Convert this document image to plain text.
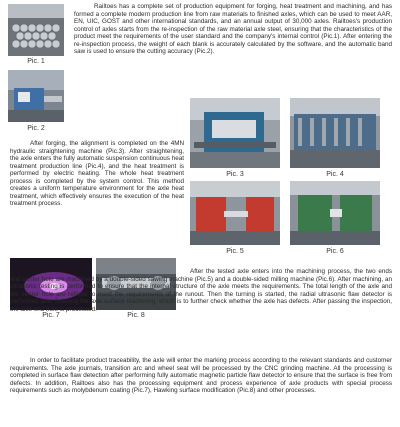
Pic. 1
Pic. 2
Pic. 3	Pic. 4
Pic. 5	Pic. 6
Pic. 7	Pic. 8

Railtoes has a complete set of production equipment for forging, heat treatment and machining, and has formed a complete modern production line from raw materials to finished axles, which can be used to meet AAR, EN, UIC, GOST and other international standards, and an annual output of 30,000 axles. Railtoes's production control of axles starts from the re-inspection of the raw material axle steel, ensuring that the characteristics of the product meet the requirements of the user standard and the company's internal control (Pic.1). After entering the re-inspection process, the weight of each blank is accurately calculated by the software, and the automatic band saw is used to ensure the cutting accuracy (Pic.2).

After forging, the alignment is completed on the 4MN hydraulic straightening machine (Pic.3). After straightening, the axle enters the fully automatic suspension continuous heat treatment production line (Pic.4), and the heat treatment is performed by electric heating. The whole heat treatment process is completed by the system control. This method creates a uniform temperature environment for the axle heat treatment, which effectively ensures the execution of the heat treatment process.

After the tested axle enters into the machining process, the two ends and center hole are machined by a double-sided sawing machine (Pic.5) and a double-sided milling machine (Pic.6). After machining, an ultrasonic testing is performed to ensure that the internal structure of the axle meets the requirements. The total length of the axle and the center hole are refined to meet the requirements of the runout. Then the turning is started, the radial ultrasonic flaw detector is performed after finishing the axle surface machining, which is to further check whether the axle has defects. After passing the inspection, the axle end hole is processed.

In order to facilitate product traceability, the axle will enter the marking process according to the relevant standards and customer requirements. The axle journals, transition arc and wheel seat will be processed by the CNC grinding machine. All the processing is completed in surface flaw detection after performing fully automatic magnetic particle flaw detector to ensure that the surface is free from defects. In addition, Railtoes also has the processing equipment and process experience of axle products with special process requirements such as molybdenum coating (Pic.7), Hawking surface modification (Pic.8) and other processes.
